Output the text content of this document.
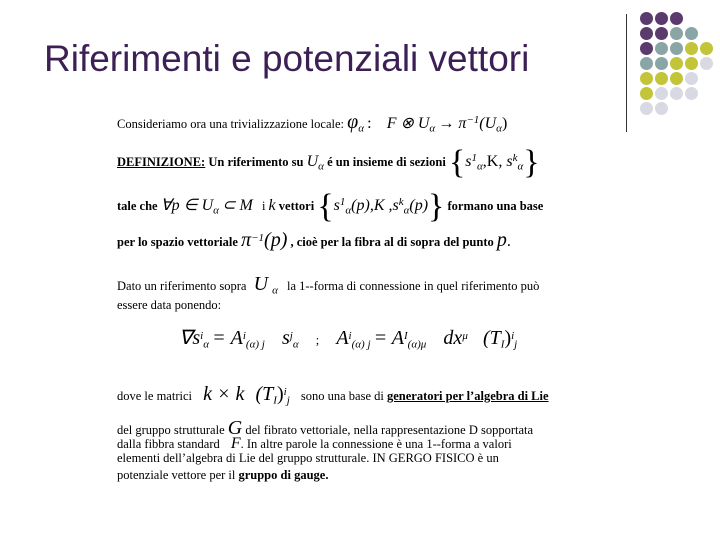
Riferimenti e potenziali vettori
Consideriamo ora una trivializzazione locale: $\varphi_\alpha$ : F ⊗ $U_\alpha \to \pi^{-1}(U_\alpha)$
DEFINIZIONE: Un riferimento su $U_\alpha$ é un insieme di sezioni {$s^1_\alpha,K$, $s^k_\alpha$}
tale che ∀p ∈ $U_\alpha$ ⊂ M i k vettori {$s^1_\alpha(p),K$ $,s^k_\alpha(p)$} formano una base
per lo spazio vettoriale $\pi^{-1}(p)$ , cioè per la fibra al di sopra del punto p.
Dato un riferimento sopra U $_\alpha$ la 1--forma di connessione in quel riferimento può
essere data ponendo:
$\nabla s^i_\alpha = A^i_{(\alpha) j}$ $s^j_\alpha$ ; $A^i_{(\alpha) j} = A^I_{(\alpha)\mu}$ $dx^\mu$ $(T_I)^i_j$
dove le matrici k × k $(T_I)^i_j$ sono una base di generatori per l’algebra di Lie
del gruppo strutturale G del fibrato vettoriale, nella rappresentazione D sopportata
dalla fibbra standard F. In altre parole la connessione è una 1--forma a valori
elementi dell’algebra di Lie del gruppo strutturale. IN GERGO FISICO è un
potenziale vettore per il gruppo di gauge.
